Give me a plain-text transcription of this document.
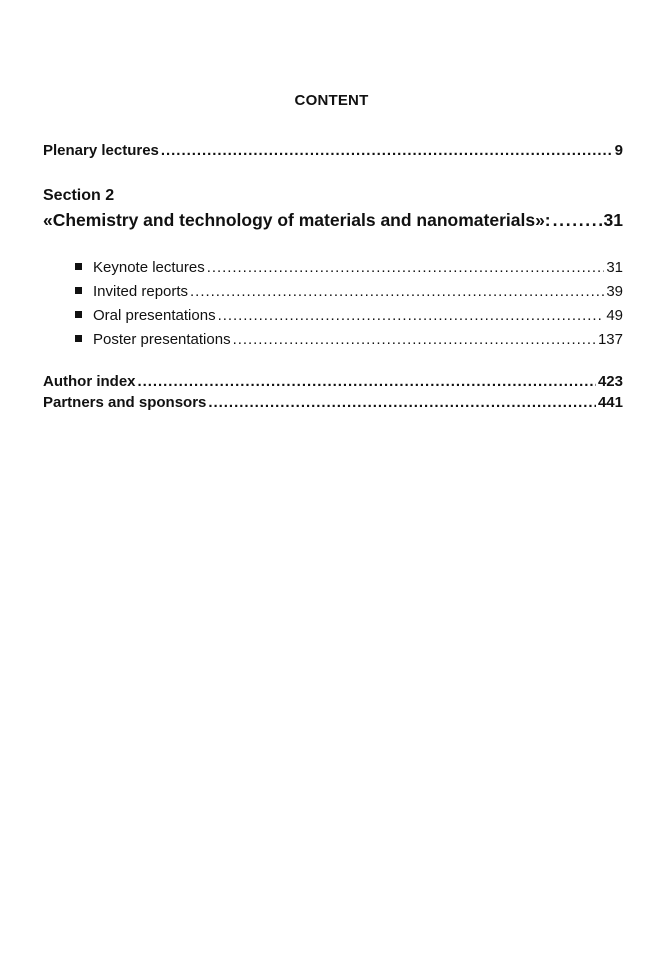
CONTENT
Plenary lectures . . .	9
Section 2
«Chemistry and technology of materials and nanomaterials»: . . .	31
Keynote lectures . . .	31
Invited reports . . .	39
Oral presentations . . .	49
Poster presentations . . .	137
Author index . . .	423
Partners and sponsors . . .	441
